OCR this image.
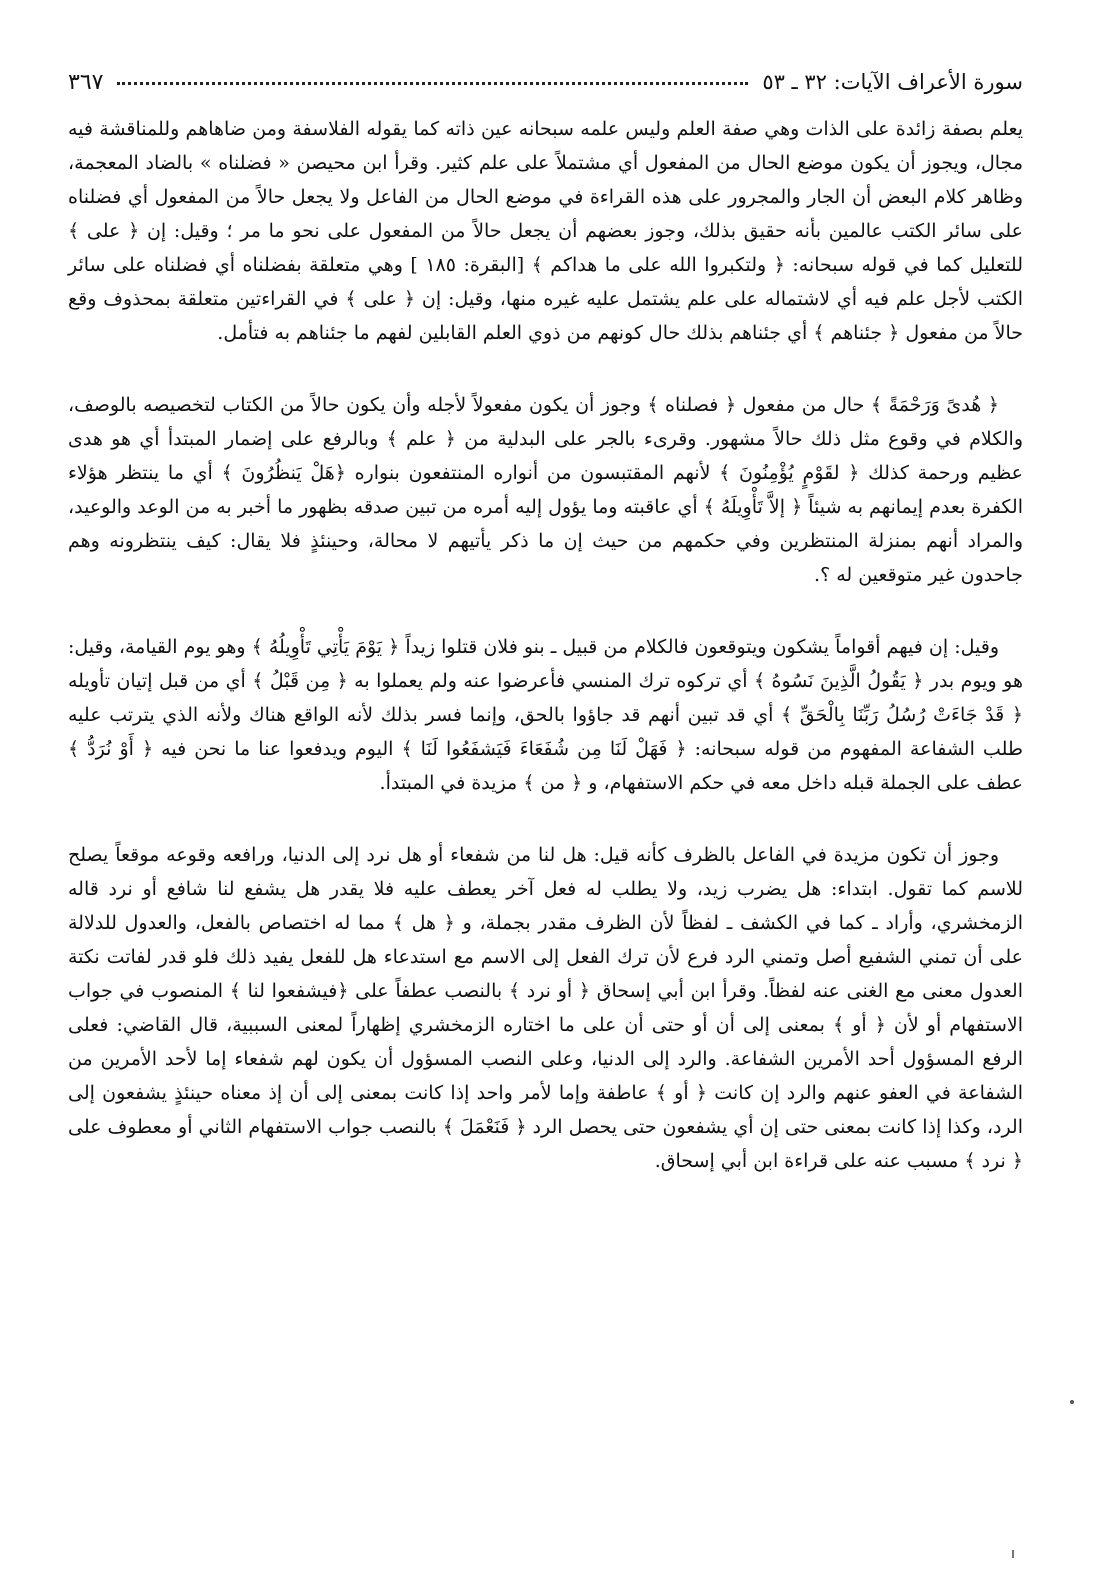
سورة الأعراف الآيات: ٣٢ ـ ٥٣
٣٦٧

يعلم بصفة زائدة على الذات وهي صفة العلم وليس علمه سبحانه عين ذاته كما يقوله الفلاسفة ومن ضاهاهم وللمناقشة فيه مجال، ويجوز أن يكون موضع الحال من المفعول أي مشتملاً على علم كثير. وقرأ ابن محيصن « فضلناه » بالضاد المعجمة، وظاهر كلام البعض أن الجار والمجرور على هذه القراءة في موضع الحال من الفاعل ولا يجعل حالاً من المفعول أي فضلناه على سائر الكتب عالمين بأنه حقيق بذلك، وجوز بعضهم أن يجعل حالاً من المفعول على نحو ما مر ؛ وقيل: إن ﴿ على ﴾ للتعليل كما في قوله سبحانه: ﴿ ولتكبروا الله على ما هداكم ﴾ [البقرة: ١٨٥ ] وهي متعلقة بفضلناه أي فضلناه على سائر الكتب لأجل علم فيه أي لاشتماله على علم يشتمل عليه غيره منها، وقيل: إن ﴿ على ﴾ في القراءتين متعلقة بمحذوف وقع حالاً من مفعول ﴿ جئناهم ﴾ أي جئناهم بذلك حال كونهم من ذوي العلم القابلين لفهم ما جئناهم به فتأمل.

﴿ هُدىً وَرَحْمَةً ﴾ حال من مفعول ﴿ فصلناه ﴾ وجوز أن يكون مفعولاً لأجله وأن يكون حالاً من الكتاب لتخصيصه بالوصف، والكلام في وقوع مثل ذلك حالاً مشهور. وقرىء بالجر على البدلية من ﴿ علم ﴾ وبالرفع على إضمار المبتدأ أي هو هدى عظيم ورحمة كذلك ﴿ لقَوْمٍ يُؤْمِنُونَ ﴾ لأنهم المقتبسون من أنواره المنتفعون بنواره ﴿هَلْ يَنظُرُونَ ﴾ أي ما ينتظر هؤلاء الكفرة بعدم إيمانهم به شيئاً ﴿ إلاَّ تَأْوِيلَهُ ﴾ أي عاقبته وما يؤول إليه أمره من تبين صدقه بظهور ما أخبر به من الوعد والوعيد، والمراد أنهم بمنزلة المنتظرين وفي حكمهم من حيث إن ما ذكر يأتيهم لا محالة، وحينئذٍ فلا يقال: كيف ينتظرونه وهم جاحدون غير متوقعين له ؟.

وقيل: إن فيهم أقواماً يشكون ويتوقعون فالكلام من قبيل ـ بنو فلان قتلوا زيداً ﴿ يَوْمَ يَأْتِي تَأْوِيلُهُ ﴾ وهو يوم القيامة، وقيل: هو ويوم بدر ﴿ يَقُولُ الَّذِينَ نَسُوهُ ﴾ أي تركوه ترك المنسي فأعرضوا عنه ولم يعملوا به ﴿ مِن قَبْلُ ﴾ أي من قبل إتيان تأويله ﴿ قَدْ جَاءَتْ رُسُلُ رَبِّنَا بِالْحَقِّ ﴾ أي قد تبين أنهم قد جاؤوا بالحق، وإنما فسر بذلك لأنه الواقع هناك ولأنه الذي يترتب عليه طلب الشفاعة المفهوم من قوله سبحانه: ﴿ فَهَلْ لَنَا مِن شُفَعَاءَ فَيَشفَعُوا لَنَا ﴾ اليوم ويدفعوا عنا ما نحن فيه ﴿ أَوْ نُرَدُّ ﴾ عطف على الجملة قبله داخل معه في حكم الاستفهام، و ﴿ من ﴾ مزيدة في المبتدأ.

وجوز أن تكون مزيدة في الفاعل بالظرف كأنه قيل: هل لنا من شفعاء أو هل نرد إلى الدنيا، ورافعه وقوعه موقعاً يصلح للاسم كما تقول. ابتداء: هل يضرب زيد، ولا يطلب له فعل آخر يعطف عليه فلا يقدر هل يشفع لنا شافع أو نرد قاله الزمخشري، وأراد ـ كما في الكشف ـ لفظاً لأن الظرف مقدر بجملة، و ﴿ هل ﴾ مما له اختصاص بالفعل، والعدول للدلالة على أن تمني الشفيع أصل وتمني الرد فرع لأن ترك الفعل إلى الاسم مع استدعاء هل للفعل يفيد ذلك فلو قدر لفاتت نكتة العدول معنى مع الغنى عنه لفظاً. وقرأ ابن أبي إسحاق ﴿ أو نرد ﴾ بالنصب عطفاً على ﴿فيشفعوا لنا ﴾ المنصوب في جواب الاستفهام أو لأن ﴿ أو ﴾ بمعنى إلى أن أو حتى أن على ما اختاره الزمخشري إظهاراً لمعنى السببية، قال القاضي: فعلى الرفع المسؤول أحد الأمرين الشفاعة. والرد إلى الدنيا، وعلى النصب المسؤول أن يكون لهم شفعاء إما لأحد الأمرين من الشفاعة في العفو عنهم والرد إن كانت ﴿ أو ﴾ عاطفة وإما لأمر واحد إذا كانت بمعنى إلى أن إذ معناه حينئذٍ يشفعون إلى الرد، وكذا إذا كانت بمعنى حتى إن أي يشفعون حتى يحصل الرد ﴿ فَنَعْمَلَ ﴾ بالنصب جواب الاستفهام الثاني أو معطوف على ﴿ نرد ﴾ مسبب عنه على قراءة ابن أبي إسحاق.
